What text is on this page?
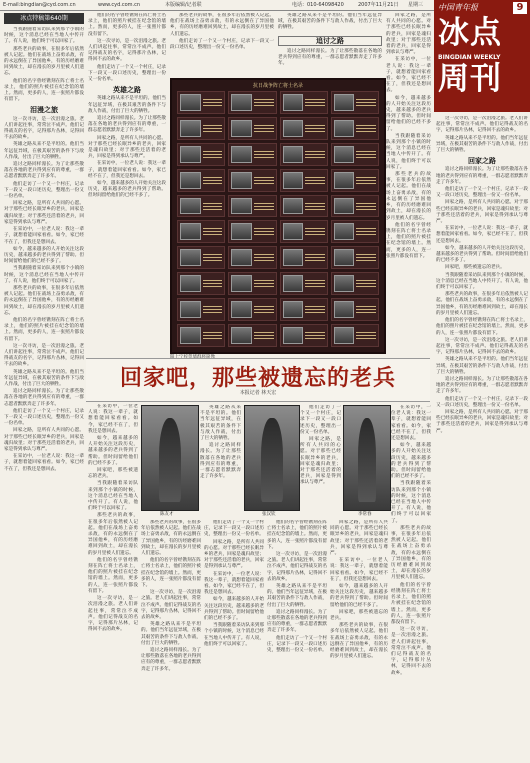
E-mail:bingdian@cyd.com.cn	www.cyd.com.cn	本版编辑/记者联	电话：010-64098420	2007年11月21日 星期三
冰点特稿第640期

当我跟随着采访队来到那个小镇的时候，这个消息已经在当地人中传开了。有人说，他们终于可以回家了。

那些老兵的故事，在很多年后依然被人记起。他们在战场上奋勇杀敌，有的永远倒在了异国他乡，有的历经磨难回到故土，却在漫长的岁月里被人们遗忘。

他们的名字曾经镌刻在阵亡将士名录上，他们的照片被挂在纪念馆的墙上。然而，更多的人，连一张照片都没有留下。

泪漫之旅

这一次寻访，是一次泪漫之旅。老人们讲起往事，常常泣不成声。他们记得战友的名字，记得那片丛林，记得回不去的故乡。

英雄之路从来不是平坦的。他们当年远征异域，在极其艰苦的条件下与敌人作战，付出了巨大的牺牲。

追讨之路同样漫长。为了让那些散落在各地的老兵得到应有的尊重，一群志愿者默默奔走了许多年。

他们走访了一个又一个村庄，记录下一段又一段口述历史，整理出一份又一份名单。

回家之路，是所有人共同的心愿。对于那些已经长眠异乡的老兵，回家是魂归故里；对于那些还活着的老兵，回家是得到承认与尊严。

在采访中，一位老人说：我这一辈子，就想着能回家看看。如今，家已经不在了，但我还是想回去。

如今，越来越多的人开始关注这段历史，越来越多的老兵得到了帮助。但时间留给他们的已经不多了。

当我跟随着采访队来到那个小镇的时候，这个消息已经在当地人中传开了。有人说，他们终于可以回家了。

那些老兵的故事，在很多年后依然被人记起。他们在战场上奋勇杀敌，有的永远倒在了异国他乡，有的历经磨难回到故土，却在漫长的岁月里被人们遗忘。

他们的名字曾经镌刻在阵亡将士名录上，他们的照片被挂在纪念馆的墙上。然而，更多的人，连一张照片都没有留下。

这一次寻访，是一次泪漫之旅。老人们讲起往事，常常泣不成声。他们记得战友的名字，记得那片丛林，记得回不去的故乡。

英雄之路从来不是平坦的。他们当年远征异域，在极其艰苦的条件下与敌人作战，付出了巨大的牺牲。

追讨之路同样漫长。为了让那些散落在各地的老兵得到应有的尊重，一群志愿者默默奔走了许多年。

他们走访了一个又一个村庄，记录下一段又一段口述历史，整理出一份又一份名单。

回家之路，是所有人共同的心愿。对于那些已经长眠异乡的老兵，回家是魂归故里；对于那些还活着的老兵，回家是得到承认与尊严。

在采访中，一位老人说：我这一辈子，就想着能回家看看。如今，家已经不在了，但我还是想回去。

他们的名字曾经镌刻在阵亡将士名录上，他们的照片被挂在纪念馆的墙上。然而，更多的人，连一张照片都没有留下。

这一次寻访，是一次泪漫之旅。老人们讲起往事，常常泣不成声。他们记得战友的名字，记得那片丛林，记得回不去的故乡。

他们走访了一个又一个村庄，记录下一段又一段口述历史，整理出一份又一份名单。

英雄之路

英雄之路从来不是平坦的。他们当年远征异域，在极其艰苦的条件下与敌人作战，付出了巨大的牺牲。

追讨之路同样漫长。为了让那些散落在各地的老兵得到应有的尊重，一群志愿者默默奔走了许多年。

回家之路，是所有人共同的心愿。对于那些已经长眠异乡的老兵，回家是魂归故里；对于那些还活着的老兵，回家是得到承认与尊严。

在采访中，一位老人说：我这一辈子，就想着能回家看看。如今，家已经不在了，但我还是想回去。

如今，越来越多的人开始关注这段历史，越来越多的老兵得到了帮助。但时间留给他们的已经不多了。

那些老兵的故事，在很多年后依然被人记起。他们在战场上奋勇杀敌，有的永远倒在了异国他乡，有的历经磨难回到故土，却在漫长的岁月里被人们遗忘。

他们走访了一个又一个村庄，记录下一段又一段口述历史，整理出一份又一份名单。

英雄之路从来不是平坦的。他们当年远征异域，在极其艰苦的条件下与敌人作战，付出了巨大的牺牲。

追讨之路

追讨之路同样漫长。为了让那些散落在各地的老兵得到应有的尊重，一群志愿者默默奔走了许多年。

抗日战争阵亡将士名录

回家之路，是所有人共同的心愿。对于那些已经长眠异乡的老兵，回家是魂归故里；对于那些还活着的老兵，回家是得到承认与尊严。

在采访中，一位老人说：我这一辈子，就想着能回家看看。如今，家已经不在了，但我还是想回去。

如今，越来越多的人开始关注这段历史，越来越多的老兵得到了帮助。但时间留给他们的已经不多了。

当我跟随着采访队来到那个小镇的时候，这个消息已经在当地人中传开了。有人说，他们终于可以回家了。

那些老兵的故事，在很多年后依然被人记起。他们在战场上奋勇杀敌，有的永远倒在了异国他乡，有的历经磨难回到故土，却在漫长的岁月里被人们遗忘。

他们的名字曾经镌刻在阵亡将士名录上，他们的照片被挂在纪念馆的墙上。然而，更多的人，连一张照片都没有留下。

中国青年报	9
冰点
BINGDIAN WEEKLY
周刊

这一次寻访，是一次泪漫之旅。老人们讲起往事，常常泣不成声。他们记得战友的名字，记得那片丛林，记得回不去的故乡。

英雄之路从来不是平坦的。他们当年远征异域，在极其艰苦的条件下与敌人作战，付出了巨大的牺牲。

回家之路

追讨之路同样漫长。为了让那些散落在各地的老兵得到应有的尊重，一群志愿者默默奔走了许多年。

他们走访了一个又一个村庄，记录下一段又一段口述历史，整理出一份又一份名单。

回家之路，是所有人共同的心愿。对于那些已经长眠异乡的老兵，回家是魂归故里；对于那些还活着的老兵，回家是得到承认与尊严。

在采访中，一位老人说：我这一辈子，就想着能回家看看。如今，家已经不在了，但我还是想回去。

如今，越来越多的人开始关注这段历史，越来越多的老兵得到了帮助。但时间留给他们的已经不多了。

回家吧，那些被遗忘的老兵。

当我跟随着采访队来到那个小镇的时候，这个消息已经在当地人中传开了。有人说，他们终于可以回家了。

那些老兵的故事，在很多年后依然被人记起。他们在战场上奋勇杀敌，有的永远倒在了异国他乡，有的历经磨难回到故土，却在漫长的岁月里被人们遗忘。

他们的名字曾经镌刻在阵亡将士名录上，他们的照片被挂在纪念馆的墙上。然而，更多的人，连一张照片都没有留下。

这一次寻访，是一次泪漫之旅。老人们讲起往事，常常泣不成声。他们记得战友的名字，记得那片丛林，记得回不去的故乡。

英雄之路从来不是平坦的。他们当年远征异域，在极其艰苦的条件下与敌人作战，付出了巨大的牺牲。

追讨之路同样漫长。为了让那些散落在各地的老兵得到应有的尊重，一群志愿者默默奔走了许多年。

他们走访了一个又一个村庄，记录下一段又一段口述历史，整理出一份又一份名单。

回家之路，是所有人共同的心愿。对于那些已经长眠异乡的老兵，回家是魂归故里；对于那些还活着的老兵，回家是得到承认与尊严。

回家吧，那些被遗忘的老兵
本报记者 林天宏

在采访中，一位老人说：我这一辈子，就想着能回家看看。如今，家已经不在了，但我还是想回去。

如今，越来越多的人开始关注这段历史，越来越多的老兵得到了帮助。但时间留给他们的已经不多了。

回家吧，那些被遗忘的老兵。

当我跟随着采访队来到那个小镇的时候，这个消息已经在当地人中传开了。有人说，他们终于可以回家了。

那些老兵的故事，在很多年后依然被人记起。他们在战场上奋勇杀敌，有的永远倒在了异国他乡，有的历经磨难回到故土，却在漫长的岁月里被人们遗忘。

他们的名字曾经镌刻在阵亡将士名录上，他们的照片被挂在纪念馆的墙上。然而，更多的人，连一张照片都没有留下。

这一次寻访，是一次泪漫之旅。老人们讲起往事，常常泣不成声。他们记得战友的名字，记得那片丛林，记得回不去的故乡。

陈友才	张汉钦	李常春

英雄之路从来不是平坦的。他们当年远征异域，在极其艰苦的条件下与敌人作战，付出了巨大的牺牲。

追讨之路同样漫长。为了让那些散落在各地的老兵得到应有的尊重，一群志愿者默默奔走了许多年。

他们走访了一个又一个村庄，记录下一段又一段口述历史，整理出一份又一份名单。

回家之路，是所有人共同的心愿。对于那些已经长眠异乡的老兵，回家是魂归故里；对于那些还活着的老兵，回家是得到承认与尊严。

在采访中，一位老人说：我这一辈子，就想着能回家看看。如今，家已经不在了，但我还是想回去。

如今，越来越多的人开始关注这段历史，越来越多的老兵得到了帮助。但时间留给他们的已经不多了。

当我跟随着采访队来到那个小镇的时候，这个消息已经在当地人中传开了。有人说，他们终于可以回家了。

那些老兵的故事，在很多年后依然被人记起。他们在战场上奋勇杀敌，有的永远倒在了异国他乡，有的历经磨难回到故土，却在漫长的岁月里被人们遗忘。

他们的名字曾经镌刻在阵亡将士名录上，他们的照片被挂在纪念馆的墙上。然而，更多的人，连一张照片都没有留下。

这一次寻访，是一次泪漫之旅。老人们讲起往事，常常泣不成声。他们记得战友的名字，记得那片丛林，记得回不去的故乡。

那些老兵的故事，在很多年后依然被人记起。他们在战场上奋勇杀敌，有的永远倒在了异国他乡，有的历经磨难回到故土，却在漫长的岁月里被人们遗忘。

他们的名字曾经镌刻在阵亡将士名录上，他们的照片被挂在纪念馆的墙上。然而，更多的人，连一张照片都没有留下。

这一次寻访，是一次泪漫之旅。老人们讲起往事，常常泣不成声。他们记得战友的名字，记得那片丛林，记得回不去的故乡。

英雄之路从来不是平坦的。他们当年远征异域，在极其艰苦的条件下与敌人作战，付出了巨大的牺牲。

追讨之路同样漫长。为了让那些散落在各地的老兵得到应有的尊重，一群志愿者默默奔走了许多年。

他们走访了一个又一个村庄，记录下一段又一段口述历史，整理出一份又一份名单。

回家之路，是所有人共同的心愿。对于那些已经长眠异乡的老兵，回家是魂归故里；对于那些还活着的老兵，回家是得到承认与尊严。

在采访中，一位老人说：我这一辈子，就想着能回家看看。如今，家已经不在了，但我还是想回去。

如今，越来越多的人开始关注这段历史，越来越多的老兵得到了帮助。但时间留给他们的已经不多了。

当我跟随着采访队来到那个小镇的时候，这个消息已经在当地人中传开了。有人说，他们终于可以回家了。

他们的名字曾经镌刻在阵亡将士名录上，他们的照片被挂在纪念馆的墙上。然而，更多的人，连一张照片都没有留下。

这一次寻访，是一次泪漫之旅。老人们讲起往事，常常泣不成声。他们记得战友的名字，记得那片丛林，记得回不去的故乡。

英雄之路从来不是平坦的。他们当年远征异域，在极其艰苦的条件下与敌人作战，付出了巨大的牺牲。

追讨之路同样漫长。为了让那些散落在各地的老兵得到应有的尊重，一群志愿者默默奔走了许多年。

他们走访了一个又一个村庄，记录下一段又一段口述历史，整理出一份又一份名单。

回家之路，是所有人共同的心愿。对于那些已经长眠异乡的老兵，回家是魂归故里；对于那些还活着的老兵，回家是得到承认与尊严。

在采访中，一位老人说：我这一辈子，就想着能回家看看。如今，家已经不在了，但我还是想回去。

如今，越来越多的人开始关注这段历史，越来越多的老兵得到了帮助。但时间留给他们的已经不多了。

回家吧，那些被遗忘的老兵。

那些老兵的故事，在很多年后依然被人记起。他们在战场上奋勇杀敌，有的永远倒在了异国他乡，有的历经磨难回到故土，却在漫长的岁月里被人们遗忘。
